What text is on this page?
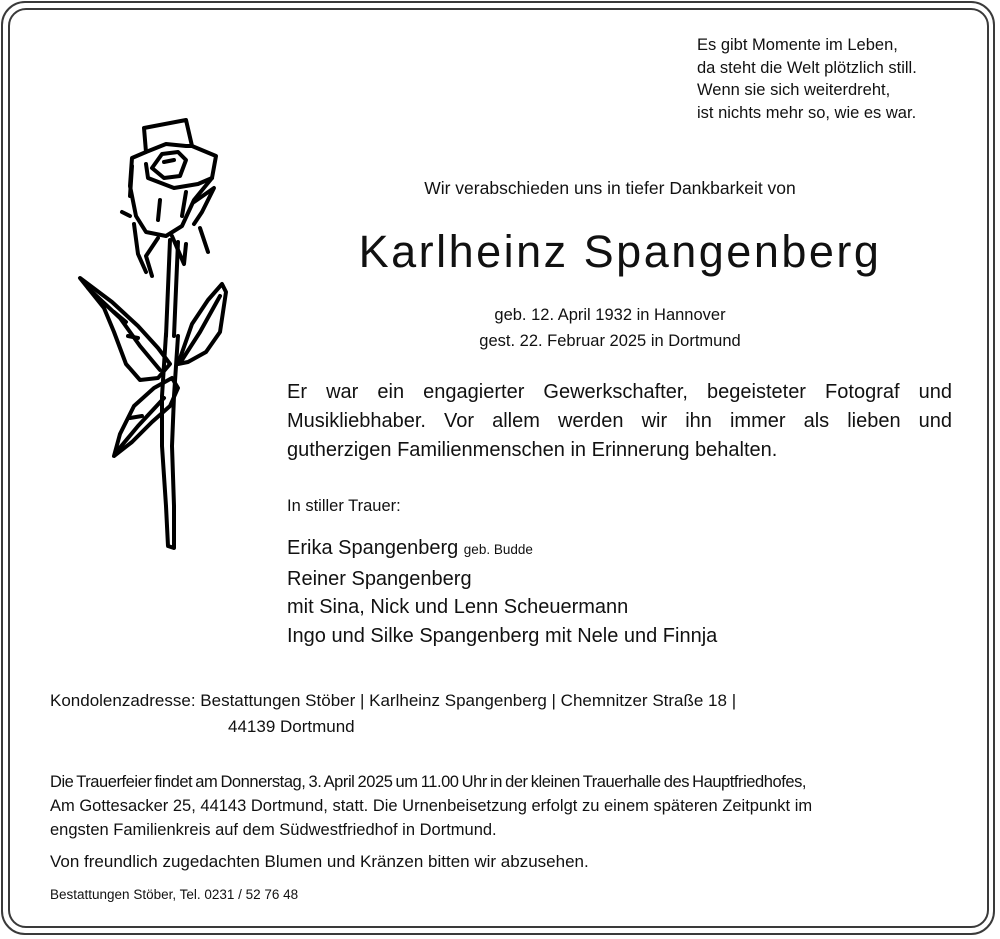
Es gibt Momente im Leben,
da steht die Welt plötzlich still.
Wenn sie sich weiterdreht,
ist nichts mehr so, wie es war.
Wir verabschieden uns in tiefer Dankbarkeit von
Karlheinz Spangenberg
geb. 12. April 1932 in Hannover
gest. 22. Februar 2025 in Dortmund
Er war ein engagierter Gewerkschafter, begeisteter Fotograf und
Musikliebhaber. Vor allem werden wir ihn immer als lieben und
gutherzigen Familienmenschen in Erinnerung behalten.
In stiller Trauer:
Erika Spangenberg geb. Budde
Reiner Spangenberg
mit Sina, Nick und Lenn Scheuermann
Ingo und Silke Spangenberg mit Nele und Finnja
Kondolenzadresse: Bestattungen Stöber | Karlheinz Spangenberg | Chemnitzer Straße 18 |
44139 Dortmund
Die Trauerfeier findet am Donnerstag, 3. April 2025 um 11.00 Uhr in der kleinen Trauerhalle des Hauptfriedhofes,
Am Gottesacker 25, 44143 Dortmund, statt. Die Urnenbeisetzung erfolgt zu einem späteren Zeitpunkt im
engsten Familienkreis auf dem Südwestfriedhof in Dortmund.
Von freundlich zugedachten Blumen und Kränzen bitten wir abzusehen.
Bestattungen Stöber, Tel. 0231 / 52 76 48
